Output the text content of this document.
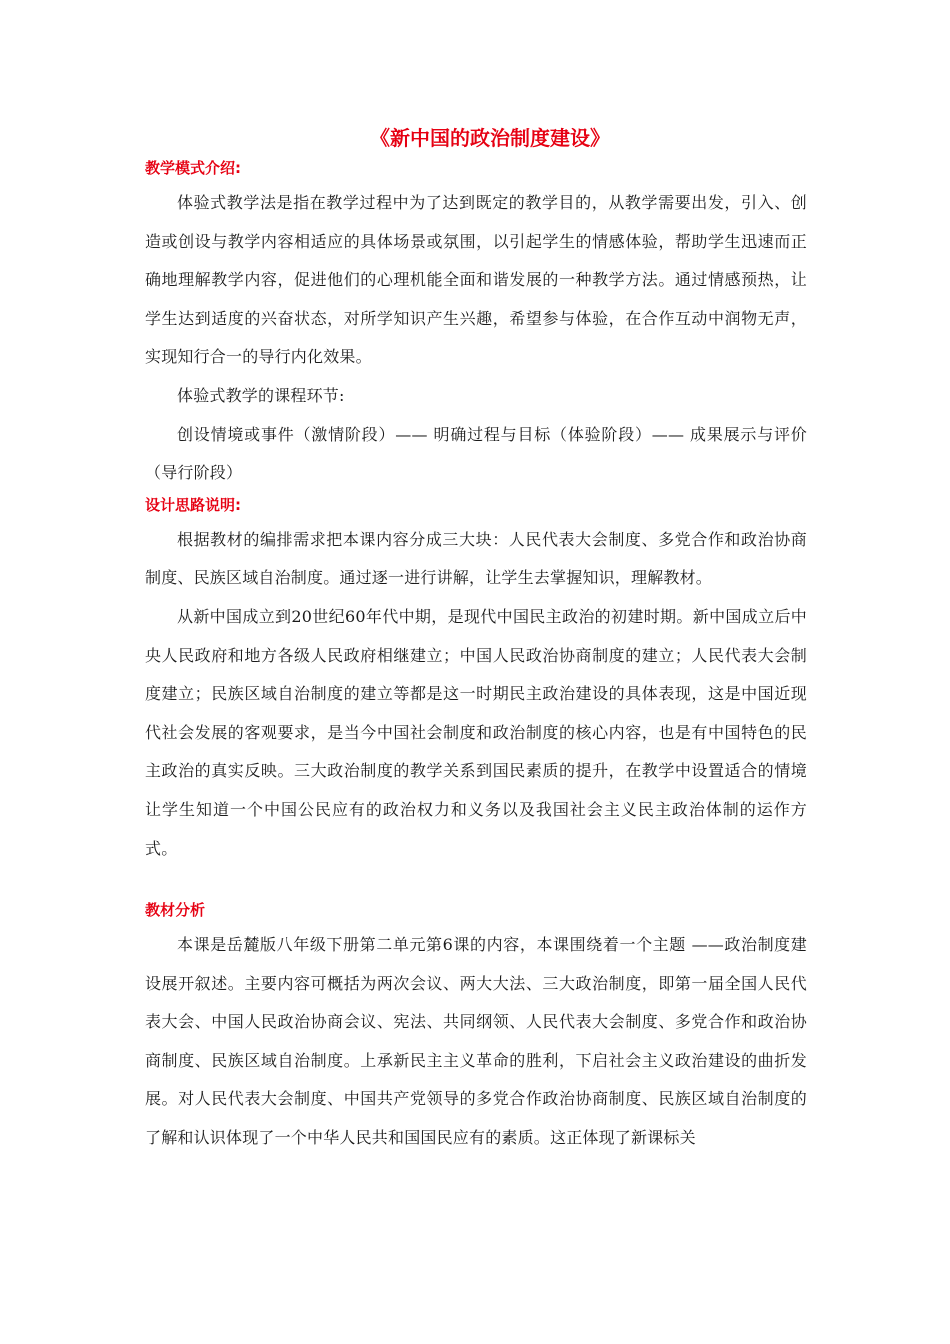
《新中国的政治制度建设》
教学模式介绍:

体验式教学法是指在教学过程中为了达到既定的教学目的，从教学需要出发，引入、创造或创设与教学内容相适应的具体场景或氛围，以引起学生的情感体验，帮助学生迅速而正确地理解教学内容，促进他们的心理机能全面和谐发展的一种教学方法。通过情感预热，让学生达到适度的兴奋状态，对所学知识产生兴趣，希望参与体验，在合作互动中润物无声，实现知行合一的导行内化效果。

体验式教学的课程环节:

创设情境或事件（激情阶段）—— 明确过程与目标（体验阶段）—— 成果展示与评价（导行阶段）

设计思路说明:

根据教材的编排需求把本课内容分成三大块：人民代表大会制度、多党合作和政治协商制度、民族区域自治制度。通过逐一进行讲解，让学生去掌握知识，理解教材。

从新中国成立到20世纪60年代中期，是现代中国民主政治的初建时期。新中国成立后中央人民政府和地方各级人民政府相继建立；中国人民政治协商制度的建立；人民代表大会制度建立；民族区域自治制度的建立等都是这一时期民主政治建设的具体表现，这是中国近现代社会发展的客观要求，是当今中国社会制度和政治制度的核心内容，也是有中国特色的民主政治的真实反映。三大政治制度的教学关系到国民素质的提升，在教学中设置适合的情境让学生知道一个中国公民应有的政治权力和义务以及我国社会主义民主政治体制的运作方式。

教材分析

本课是岳麓版八年级下册第二单元第6课的内容，本课围绕着一个主题 ——政治制度建设展开叙述。主要内容可概括为两次会议、两大大法、三大政治制度，即第一届全国人民代表大会、中国人民政治协商会议、宪法、共同纲领、人民代表大会制度、多党合作和政治协商制度、民族区域自治制度。上承新民主主义革命的胜利，下启社会主义政治建设的曲折发展。对人民代表大会制度、中国共产党领导的多党合作政治协商制度、民族区域自治制度的了解和认识体现了一个中华人民共和国国民应有的素质。这正体现了新课标关
